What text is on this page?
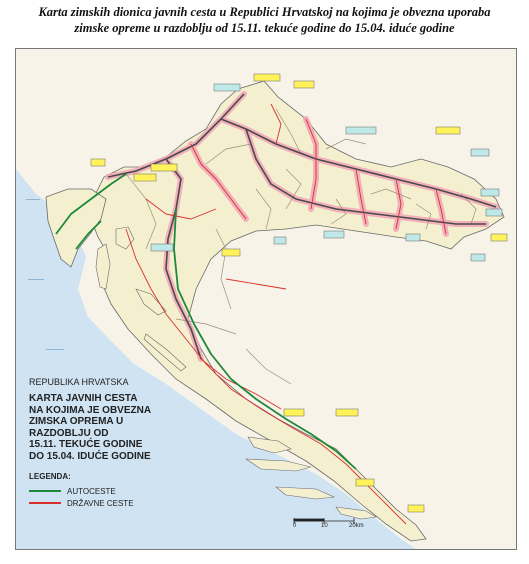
Karta zimskih dionica javnih cesta u Republici Hrvatskoj na kojima je obvezna uporaba
zimske opreme u razdoblju od 15.11. tekuće godine do 15.04. iduće godine
REPUBLIKA HRVATSKA
KARTA JAVNIH CESTA
NA KOJIMA JE OBVEZNA
ZIMSKA OPREMA U
RAZDOBLJU OD
15.11. TEKUĆE GODINE
DO 15.04. IDUĆE GODINE
LEGENDA:
AUTOCESTE
DRŽAVNE CESTE
0	10	20km
